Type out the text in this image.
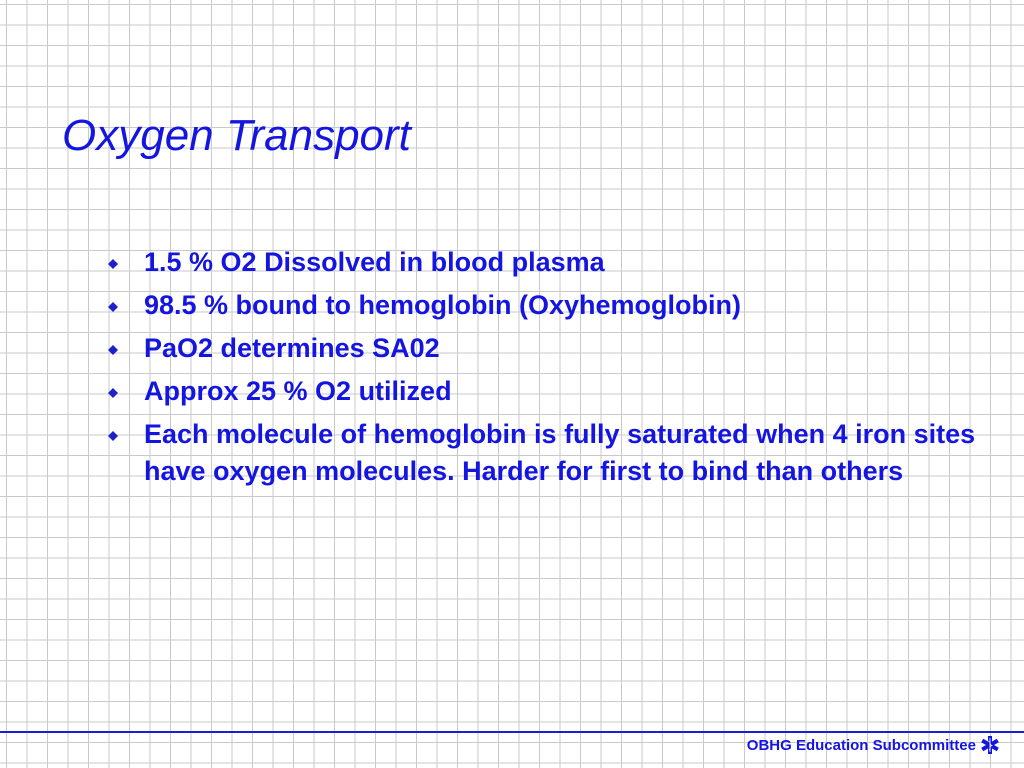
Oxygen Transport
1.5 % O2 Dissolved in blood plasma
98.5 % bound to hemoglobin (Oxyhemoglobin)
PaO2 determines SA02
Approx 25 % O2 utilized
Each molecule of hemoglobin is fully saturated when 4 iron sites have oxygen molecules. Harder for first to bind than others
OBHG Education Subcommittee
